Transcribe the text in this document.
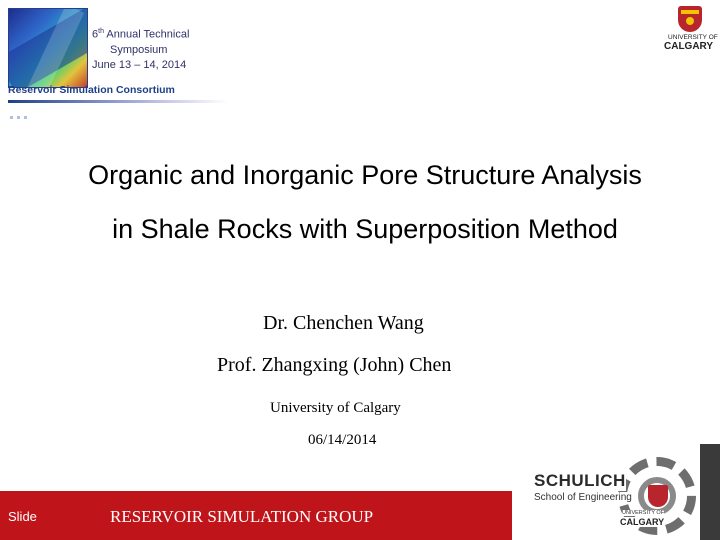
6th Annual Technical
Symposium
June 13 – 14, 2014
Reservoir Simulation Consortium
UNIVERSITY OF
CALGARY
Organic and Inorganic Pore Structure Analysis
in Shale Rocks with Superposition Method
Dr. Chenchen Wang
Prof. Zhangxing (John) Chen
University of Calgary
06/14/2014
Slide	RESERVOIR SIMULATION GROUP
SCHULICH
School of Engineering
UNIVERSITY OF
CALGARY
